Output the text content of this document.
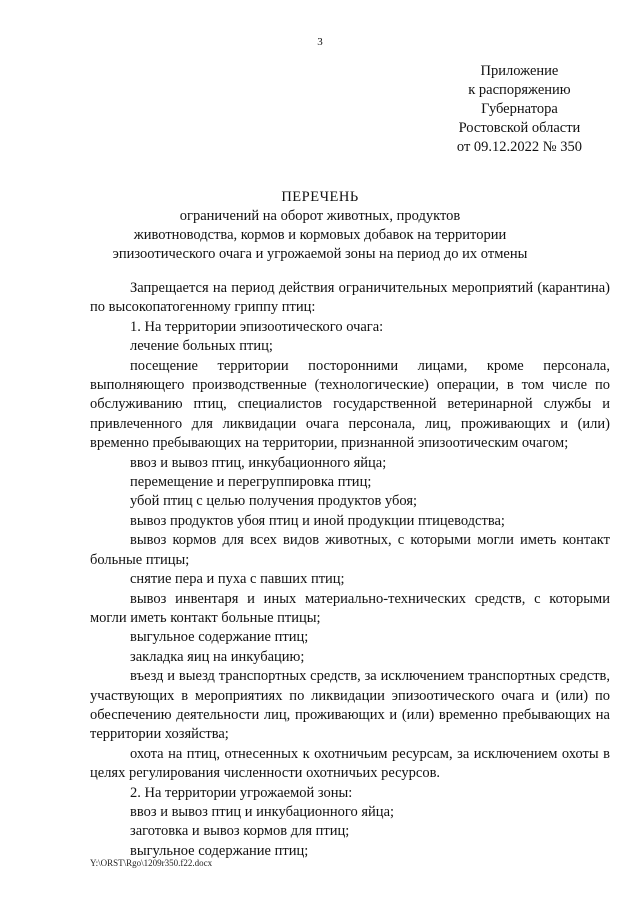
3
Приложение
к распоряжению
Губернатора
Ростовской области
от 09.12.2022 № 350
ПЕРЕЧЕНЬ
ограничений на оборот животных, продуктов
животноводства, кормов и кормовых добавок на территории
эпизоотического очага и угрожаемой зоны на период до их отмены

Запрещается на период действия ограничительных мероприятий (карантина) по высокопатогенному гриппу птиц:

1. На территории эпизоотического очага:

лечение больных птиц;

посещение территории посторонними лицами, кроме персонала, выполняющего производственные (технологические) операции, в том числе по обслуживанию птиц, специалистов государственной ветеринарной службы и привлеченного для ликвидации очага персонала, лиц, проживающих и (или) временно пребывающих на территории, признанной эпизоотическим очагом;

ввоз и вывоз птиц, инкубационного яйца;

перемещение и перегруппировка птиц;

убой птиц с целью получения продуктов убоя;

вывоз продуктов убоя птиц и иной продукции птицеводства;

вывоз кормов для всех видов животных, с которыми могли иметь контакт больные птицы;

снятие пера и пуха с павших птиц;

вывоз инвентаря и иных материально-технических средств, с которыми могли иметь контакт больные птицы;

выгульное содержание птиц;

закладка яиц на инкубацию;

въезд и выезд транспортных средств, за исключением транспортных средств, участвующих в мероприятиях по ликвидации эпизоотического очага и (или) по обеспечению деятельности лиц, проживающих и (или) временно пребывающих на территории хозяйства;

охота на птиц, отнесенных к охотничьим ресурсам, за исключением охоты в целях регулирования численности охотничьих ресурсов.

2. На территории угрожаемой зоны:

ввоз и вывоз птиц и инкубационного яйца;

заготовка и вывоз кормов для птиц;

выгульное содержание птиц;

Y:\ORST\Rgo\1209r350.f22.docx
